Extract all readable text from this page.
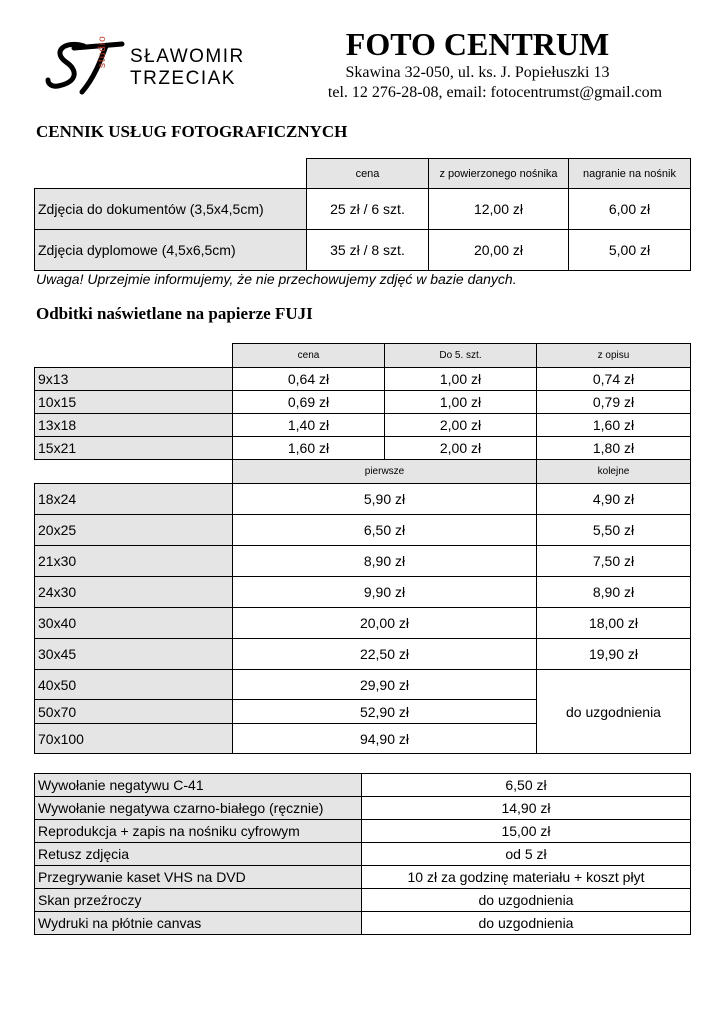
studio SŁAWOMIR
TRZECIAK
FOTO CENTRUM
Skawina 32-050, ul. ks. J. Popiełuszki 13
tel. 12 276-28-08, email: fotocentrumst@gmail.com
CENNIK USŁUG FOTOGRAFICZNYCH
	cena	z powierzonego nośnika	nagranie na nośnik
Zdjęcia do dokumentów (3,5x4,5cm)	25 zł / 6 szt.	12,00 zł	6,00 zł
Zdjęcia dyplomowe (4,5x6,5cm)	35 zł / 8 szt.	20,00 zł	5,00 zł
Uwaga! Uprzejmie informujemy, że nie przechowujemy zdjęć w bazie danych.
Odbitki naświetlane na papierze FUJI
	cena	Do 5. szt.	z opisu
9x13	0,64 zł	1,00 zł	0,74 zł
10x15	0,69 zł	1,00 zł	0,79 zł
13x18	1,40 zł	2,00 zł	1,60 zł
15x21	1,60 zł	2,00 zł	1,80 zł
	pierwsze		kolejne
18x24	5,90 zł		4,90 zł
20x25	6,50 zł		5,50 zł
21x30	8,90 zł		7,50 zł
24x30	9,90 zł		8,90 zł
30x40	20,00 zł		18,00 zł
30x45	22,50 zł		19,90 zł
40x50	29,90 zł		do uzgodnienia
50x70	52,90 zł		
70x100	94,90 zł		
Wywołanie negatywu C-41	6,50 zł
Wywołanie negatywa czarno-białego (ręcznie)	14,90 zł
Reprodukcja + zapis na nośniku cyfrowym	15,00 zł
Retusz zdjęcia	od 5 zł
Przegrywanie kaset VHS na DVD	10 zł za godzinę materiału + koszt płyt
Skan przeźroczy	do uzgodnienia
Wydruki na płótnie canvas	do uzgodnienia
